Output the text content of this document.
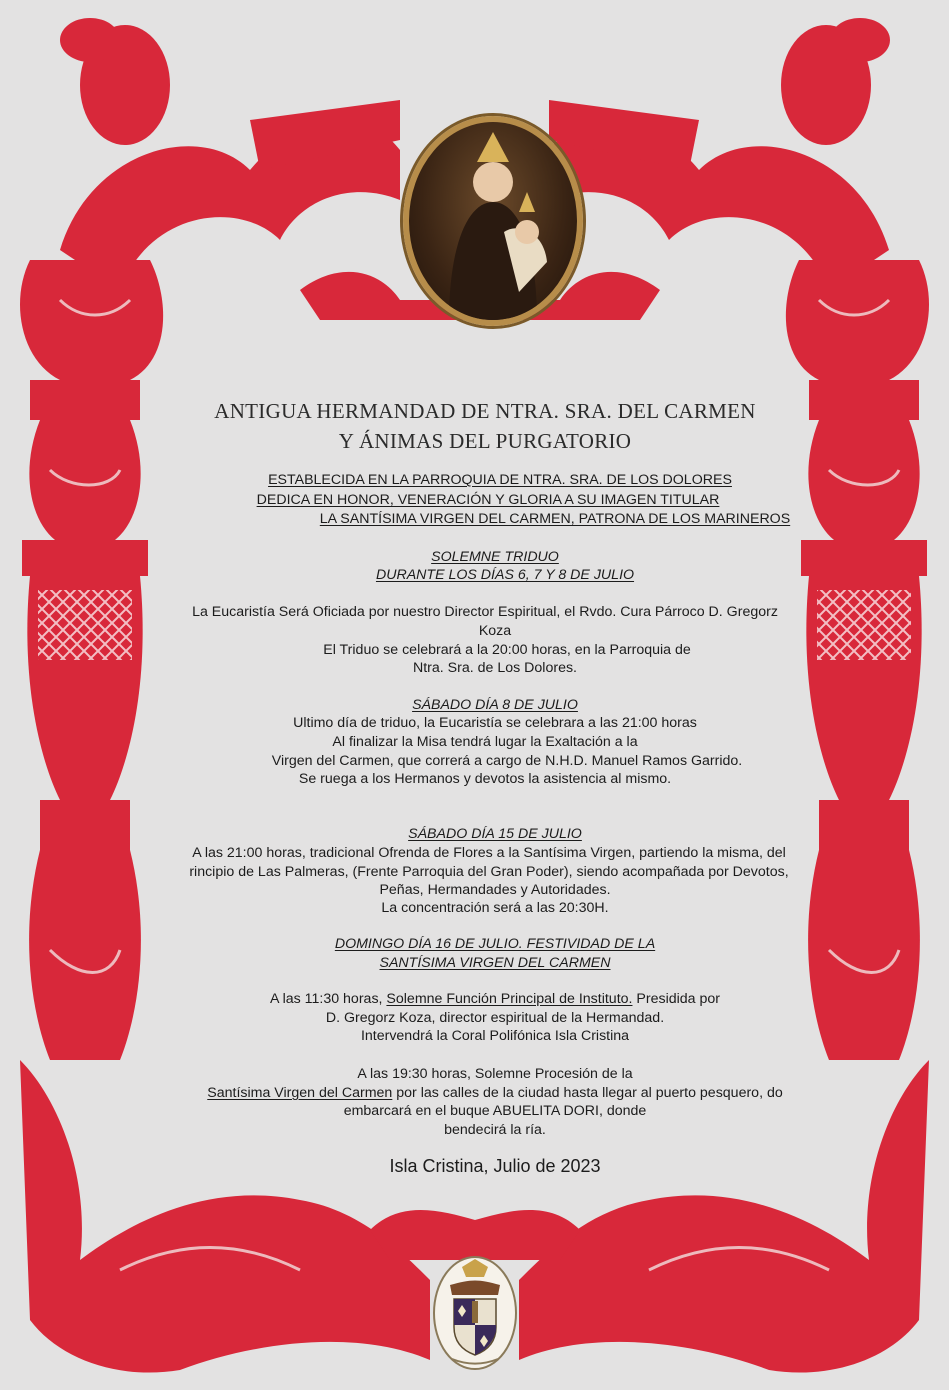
ANTIGUA HERMANDAD DE NTRA. SRA. DEL CARMEN
Y ÁNIMAS DEL PURGATORIO
ESTABLECIDA EN LA PARROQUIA DE NTRA. SRA. DE LOS DOLORES
DEDICA EN HONOR, VENERACIÓN Y GLORIA A SU IMAGEN TITULAR
LA SANTÍSIMA VIRGEN DEL CARMEN, PATRONA DE LOS MARINEROS
SOLEMNE TRIDUO
DURANTE LOS DÍAS 6, 7 Y 8 DE JULIO
La Eucaristía Será Oficiada por nuestro Director Espiritual, el Rvdo. Cura Párroco D. Gregorz
Koza
El Triduo se celebrará a la 20:00 horas, en la Parroquia de
Ntra. Sra. de Los Dolores.
SÁBADO DÍA 8 DE JULIO
Ultimo día de triduo, la Eucaristía se celebrara a las 21:00 horas
Al finalizar la Misa tendrá lugar la Exaltación a la
Virgen del Carmen, que correrá a cargo de N.H.D. Manuel Ramos Garrido.
Se ruega a los Hermanos y devotos la asistencia al mismo.
SÁBADO DÍA 15 DE JULIO
A las 21:00 horas, tradicional Ofrenda de Flores a la Santísima Virgen, partiendo la misma, del
rincipio de Las Palmeras, (Frente Parroquia del Gran Poder), siendo acompañada por Devotos,
Peñas, Hermandades y Autoridades.
La concentración será a las 20:30H.
DOMINGO DÍA 16 DE JULIO. FESTIVIDAD DE LA
SANTÍSIMA VIRGEN DEL CARMEN
A las 11:30 horas, Solemne Función Principal de Instituto. Presidida por
D. Gregorz Koza, director espiritual de la Hermandad.
Intervendrá la Coral Polifónica Isla Cristina
A las 19:30 horas, Solemne Procesión de la
Santísima Virgen del Carmen por las calles de la ciudad hasta llegar al puerto pesquero, do
embarcará en el buque ABUELITA DORI, donde
bendecirá la ría.
Isla Cristina, Julio de 2023
